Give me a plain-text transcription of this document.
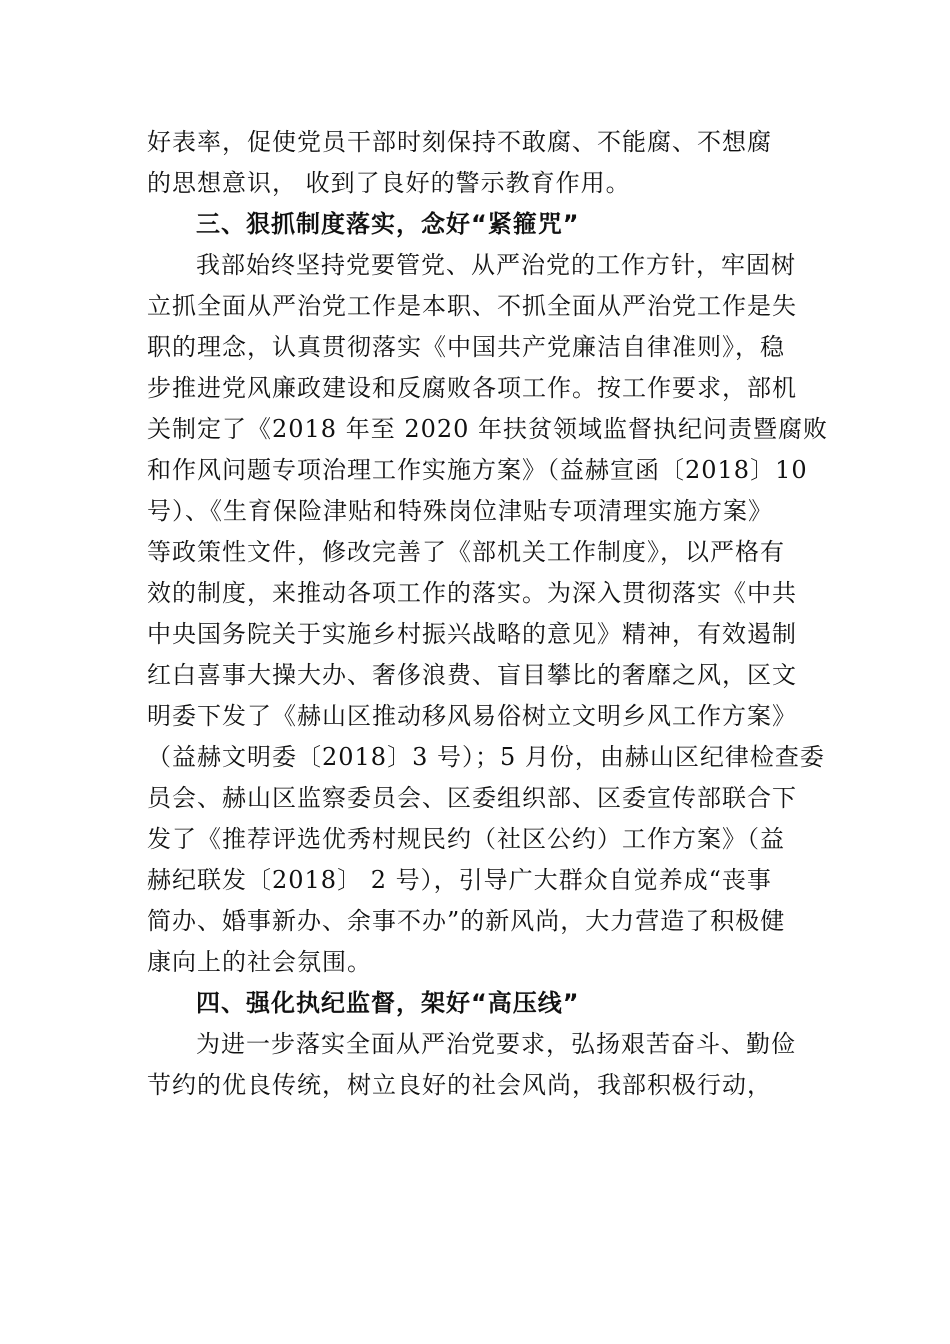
好表率，促使党员干部时刻保持不敢腐、不能腐、不想腐
的思想意识， 收到了良好的警示教育作用。
三、狠抓制度落实，念好“紧箍咒”
我部始终坚持党要管党、从严治党的工作方针，牢固树
立抓全面从严治党工作是本职、不抓全面从严治党工作是失
职的理念，认真贯彻落实《中国共产党廉洁自律准则》，稳
步推进党风廉政建设和反腐败各项工作。按工作要求，部机
关制定了《2018 年至 2020 年扶贫领域监督执纪问责暨腐败
和作风问题专项治理工作实施方案》（益赫宣函〔2018〕10
号）、《生育保险津贴和特殊岗位津贴专项清理实施方案》
等政策性文件，修改完善了《部机关工作制度》，以严格有
效的制度，来推动各项工作的落实。为深入贯彻落实《中共
中央国务院关于实施乡村振兴战略的意见》精神，有效遏制
红白喜事大操大办、奢侈浪费、盲目攀比的奢靡之风，区文
明委下发了《赫山区推动移风易俗树立文明乡风工作方案》
（益赫文明委〔2018〕3 号）；5 月份，由赫山区纪律检查委
员会、赫山区监察委员会、区委组织部、区委宣传部联合下
发了《推荐评选优秀村规民约（社区公约）工作方案》（益
赫纪联发〔2018〕 2 号），引导广大群众自觉养成“丧事
简办、婚事新办、余事不办”的新风尚，大力营造了积极健
康向上的社会氛围。
四、强化执纪监督，架好“高压线”
为进一步落实全面从严治党要求，弘扬艰苦奋斗、勤俭
节约的优良传统，树立良好的社会风尚，我部积极行动，
